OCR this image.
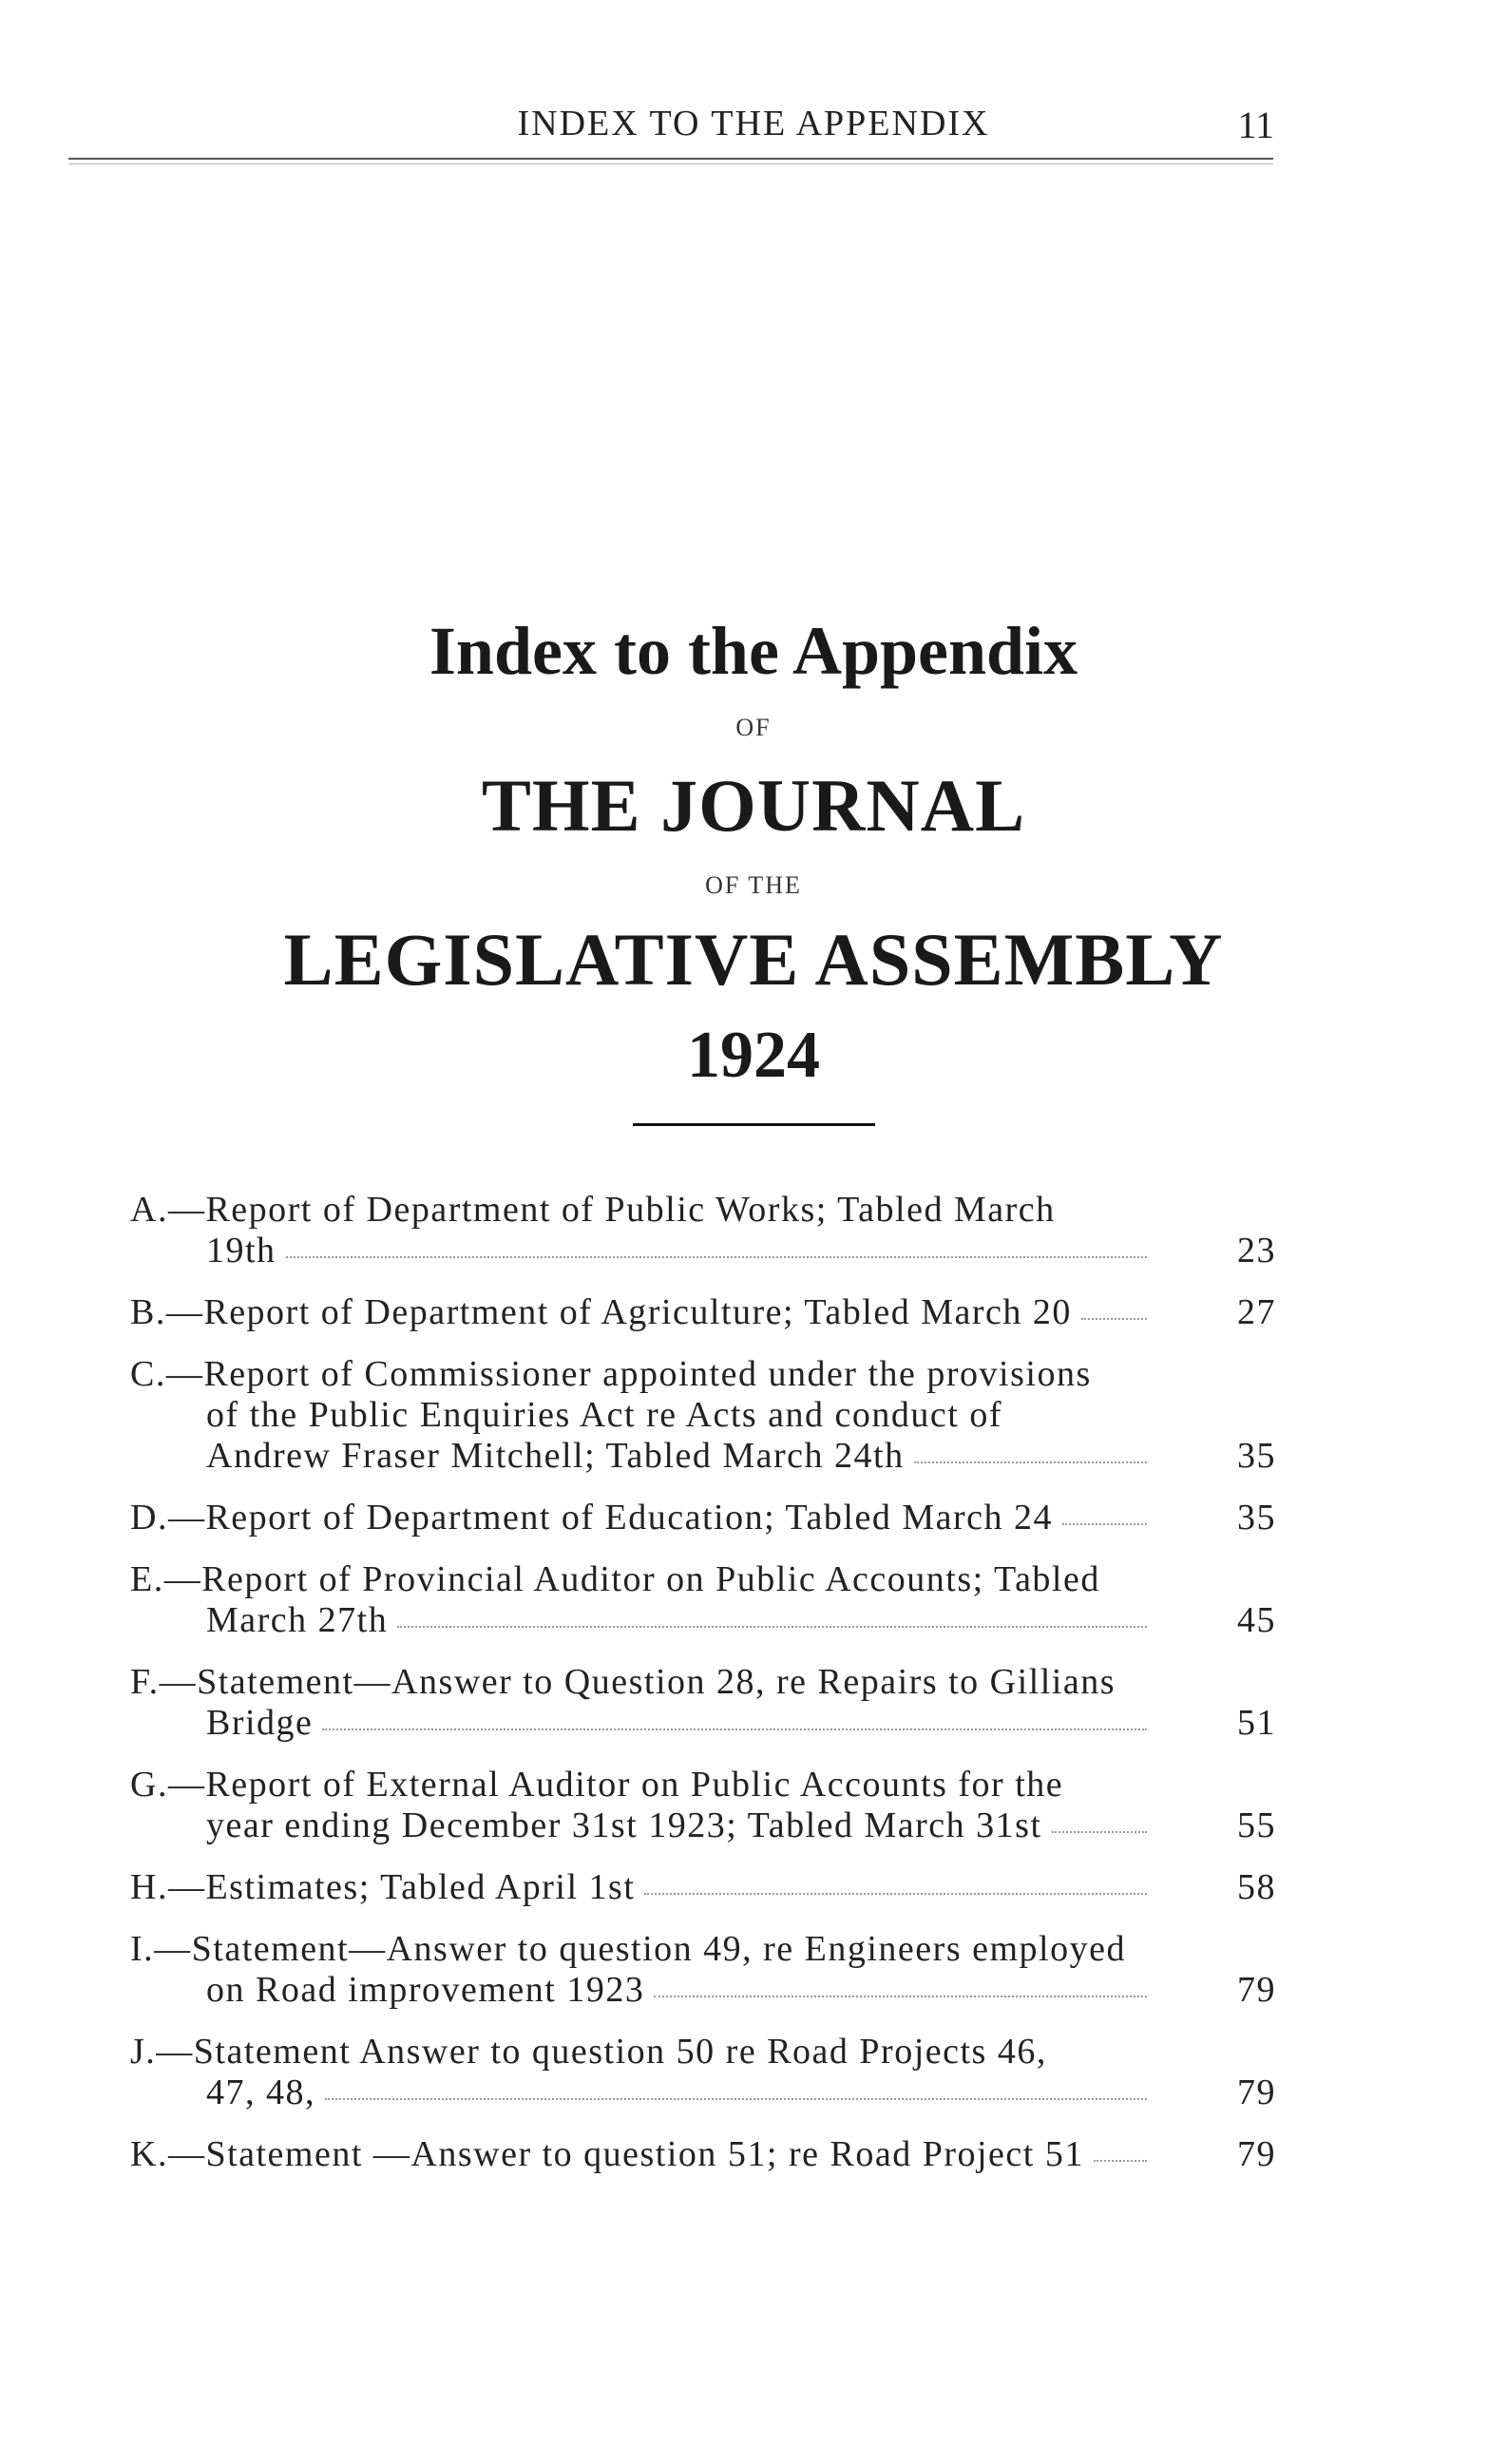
INDEX TO THE APPENDIX	11

Index to the Appendix

OF

THE JOURNAL

OF THE

LEGISLATIVE ASSEMBLY

1924

A.—Report of Department of Public Works; Tabled March
19th	23
B.—Report of Department of Agriculture; Tabled March 20	27
C.—Report of Commissioner appointed under the provisions
of the Public Enquiries Act re Acts and conduct of
Andrew Fraser Mitchell; Tabled March 24th	35
D.—Report of Department of Education; Tabled March 24	35
E.—Report of Provincial Auditor on Public Accounts; Tabled
March 27th	45
F.—Statement—Answer to Question 28, re Repairs to Gillians
Bridge	51
G.—Report of External Auditor on Public Accounts for the
year ending December 31st 1923; Tabled March 31st	55
H.—Estimates; Tabled April 1st	58
I.—Statement—Answer to question 49, re Engineers employed
on Road improvement 1923	79
J.—Statement Answer to question 50 re Road Projects 46,
47, 48,	79
K.—Statement —Answer to question 51; re Road Project 51	79
